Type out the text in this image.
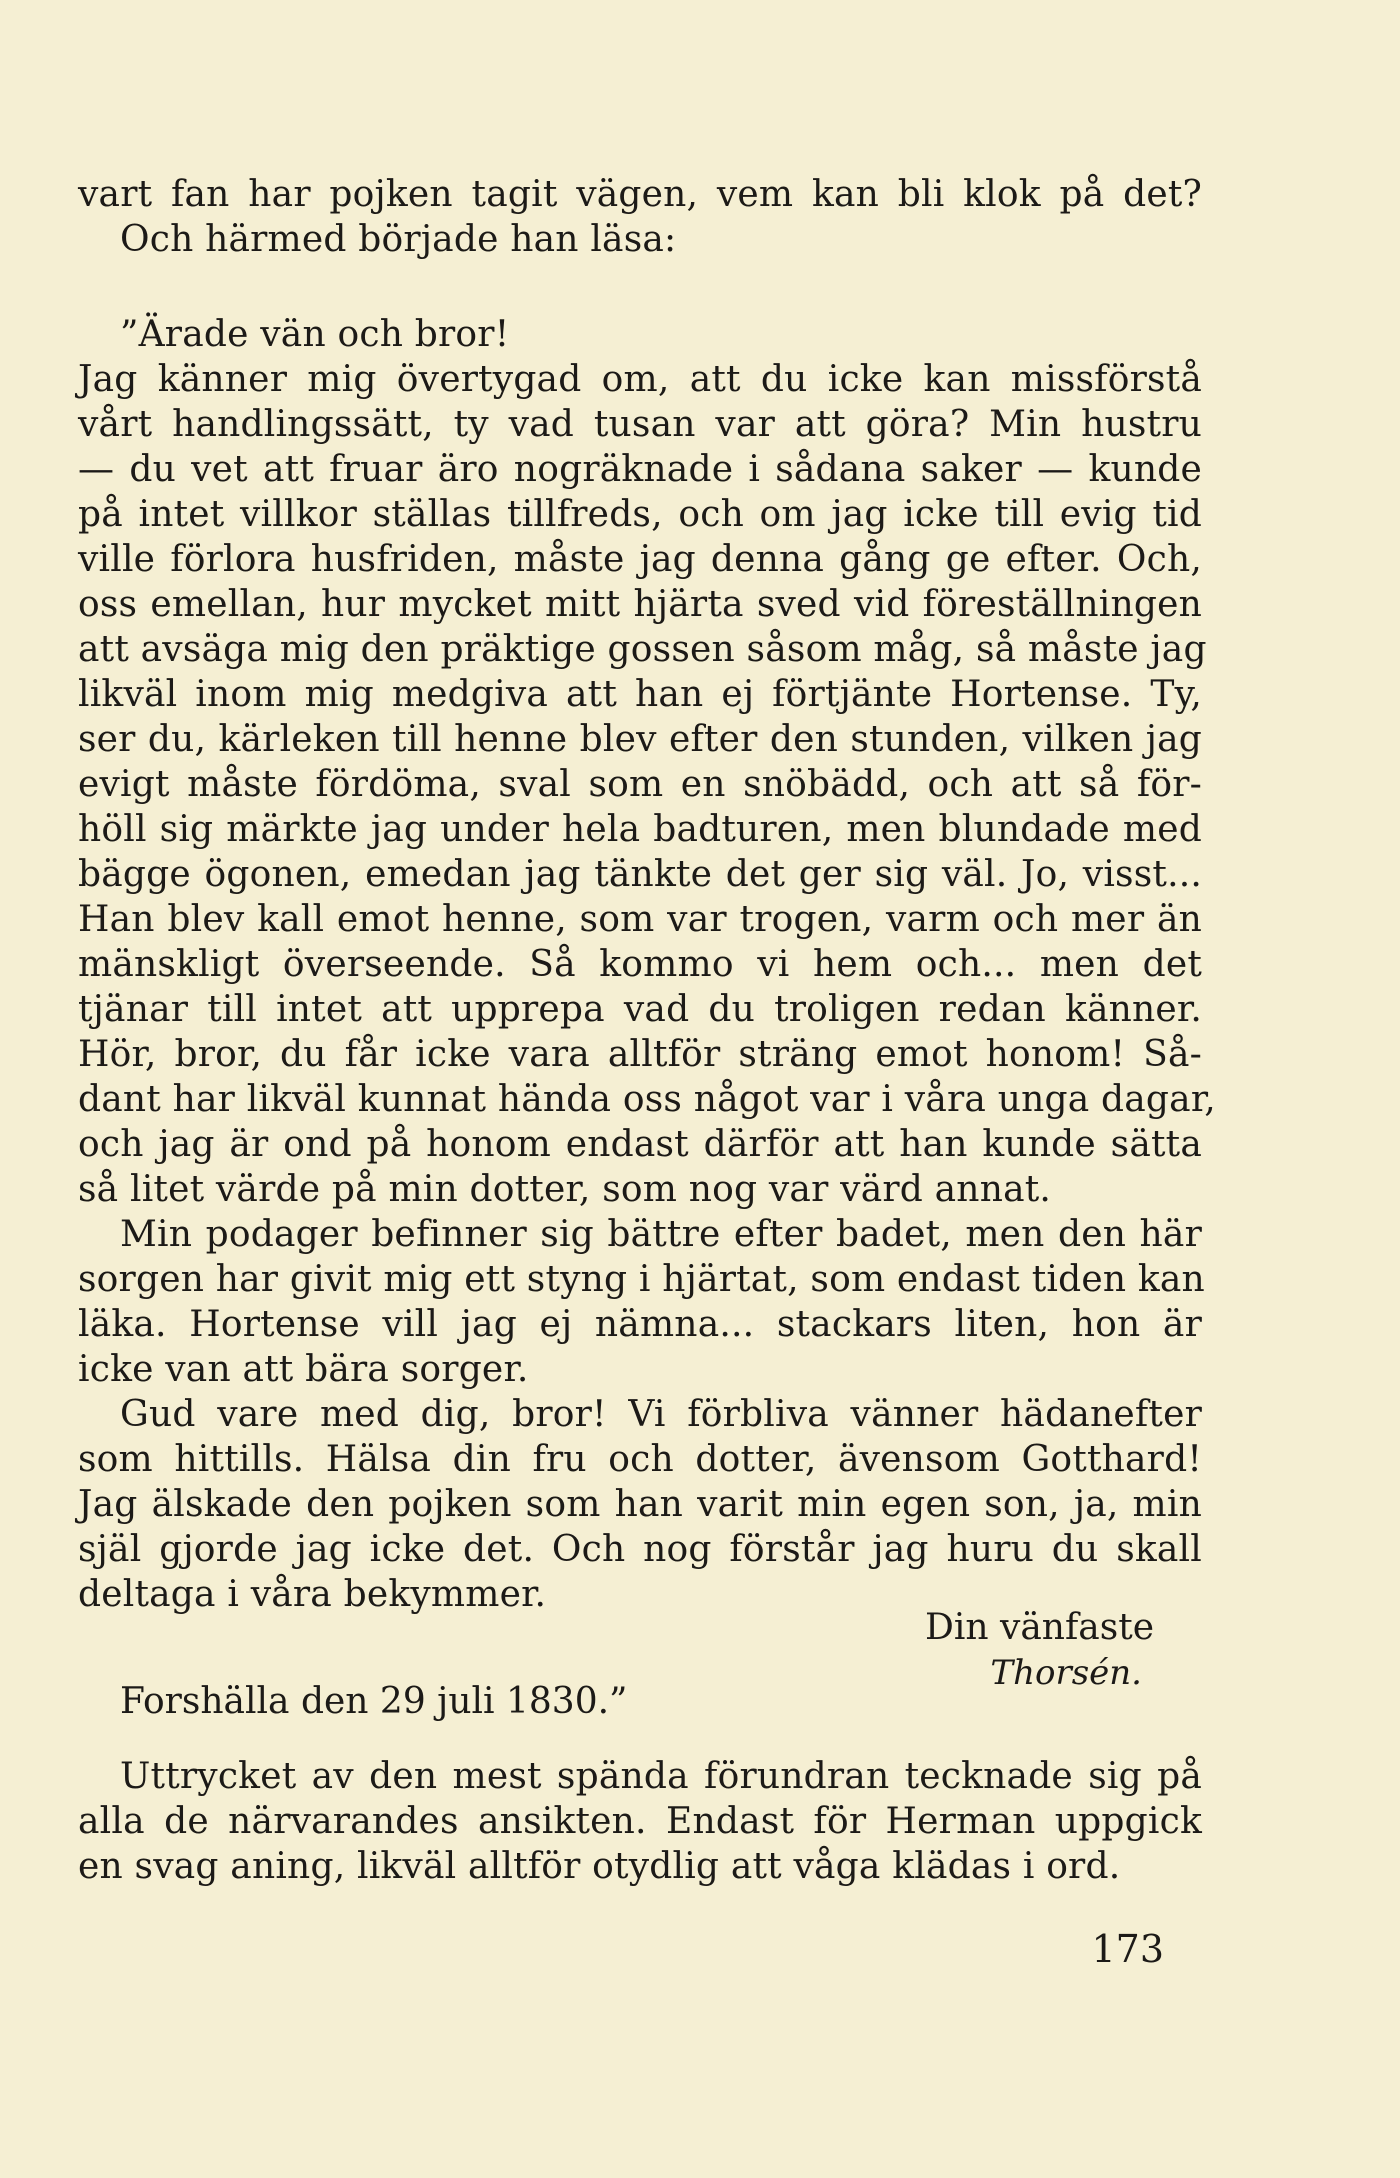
vart fan har pojken tagit vägen, vem kan bli klok på det?
Och härmed började han läsa:
”Ärade vän och bror!
Jag känner mig övertygad om, att du icke kan missförstå
vårt handlingssätt, ty vad tusan var att göra? Min hustru
— du vet att fruar äro nogräknade i sådana saker — kunde
på intet villkor ställas tillfreds, och om jag icke till evig tid
ville förlora husfriden, måste jag denna gång ge efter. Och,
oss emellan, hur mycket mitt hjärta sved vid föreställningen
att avsäga mig den präktige gossen såsom måg, så måste jag
likväl inom mig medgiva att han ej förtjänte Hortense. Ty,
ser du, kärleken till henne blev efter den stunden, vilken jag
evigt måste fördöma, sval som en snöbädd, och att så för-
höll sig märkte jag under hela badturen, men blundade med
bägge ögonen, emedan jag tänkte det ger sig väl. Jo, visst...
Han blev kall emot henne, som var trogen, varm och mer än
mänskligt överseende. Så kommo vi hem och... men det
tjänar till intet att upprepa vad du troligen redan känner.
Hör, bror, du får icke vara alltför sträng emot honom! Så-
dant har likväl kunnat hända oss något var i våra unga dagar,
och jag är ond på honom endast därför att han kunde sätta
så litet värde på min dotter, som nog var värd annat.
Min podager befinner sig bättre efter badet, men den här
sorgen har givit mig ett styng i hjärtat, som endast tiden kan
läka. Hortense vill jag ej nämna... stackars liten, hon är
icke van att bära sorger.
Gud vare med dig, bror! Vi förbliva vänner hädanefter
som hittills. Hälsa din fru och dotter, ävensom Gotthard!
Jag älskade den pojken som han varit min egen son, ja, min
själ gjorde jag icke det. Och nog förstår jag huru du skall
deltaga i våra bekymmer.
Din vänfaste
Forshälla den 29 juli 1830.”
Thorsén.
Uttrycket av den mest spända förundran tecknade sig på
alla de närvarandes ansikten. Endast för Herman uppgick
en svag aning, likväl alltför otydlig att våga klädas i ord.
173
